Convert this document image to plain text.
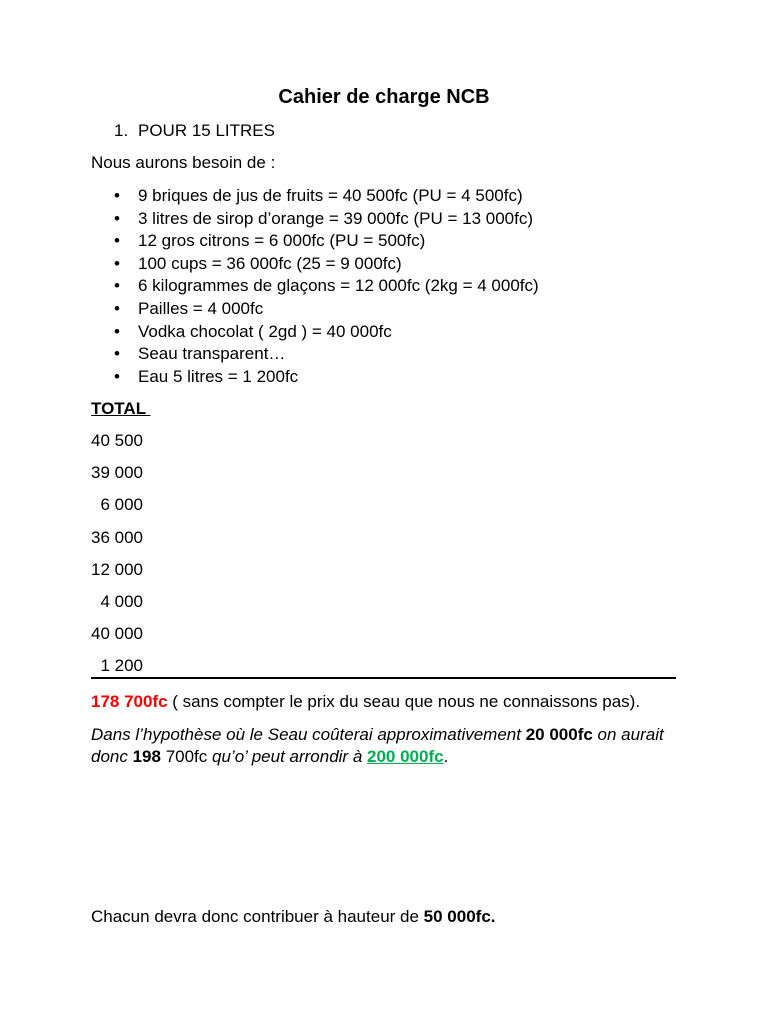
Cahier de charge NCB
1. POUR 15 LITRES
Nous aurons besoin de :
• 9 briques de jus de fruits = 40 500fc (PU = 4 500fc)
• 3 litres de sirop d’orange = 39 000fc (PU = 13 000fc)
• 12 gros citrons = 6 000fc (PU = 500fc)
• 100 cups = 36 000fc (25 = 9 000fc)
• 6 kilogrammes de glaçons = 12 000fc (2kg = 4 000fc)
• Pailles = 4 000fc
• Vodka chocolat ( 2gd ) = 40 000fc
• Seau transparent…
• Eau 5 litres = 1 200fc
TOTAL
40 500
39 000
6 000
36 000
12 000
4 000
40 000
1 200
178 700fc ( sans compter le prix du seau que nous ne connaissons pas).
Dans l’hypothèse où le Seau coûterai approximativement 20 000fc on aurait donc 198 700fc qu’o’ peut arrondir à 200 000fc.
Chacun devra donc contribuer à hauteur de 50 000fc.
